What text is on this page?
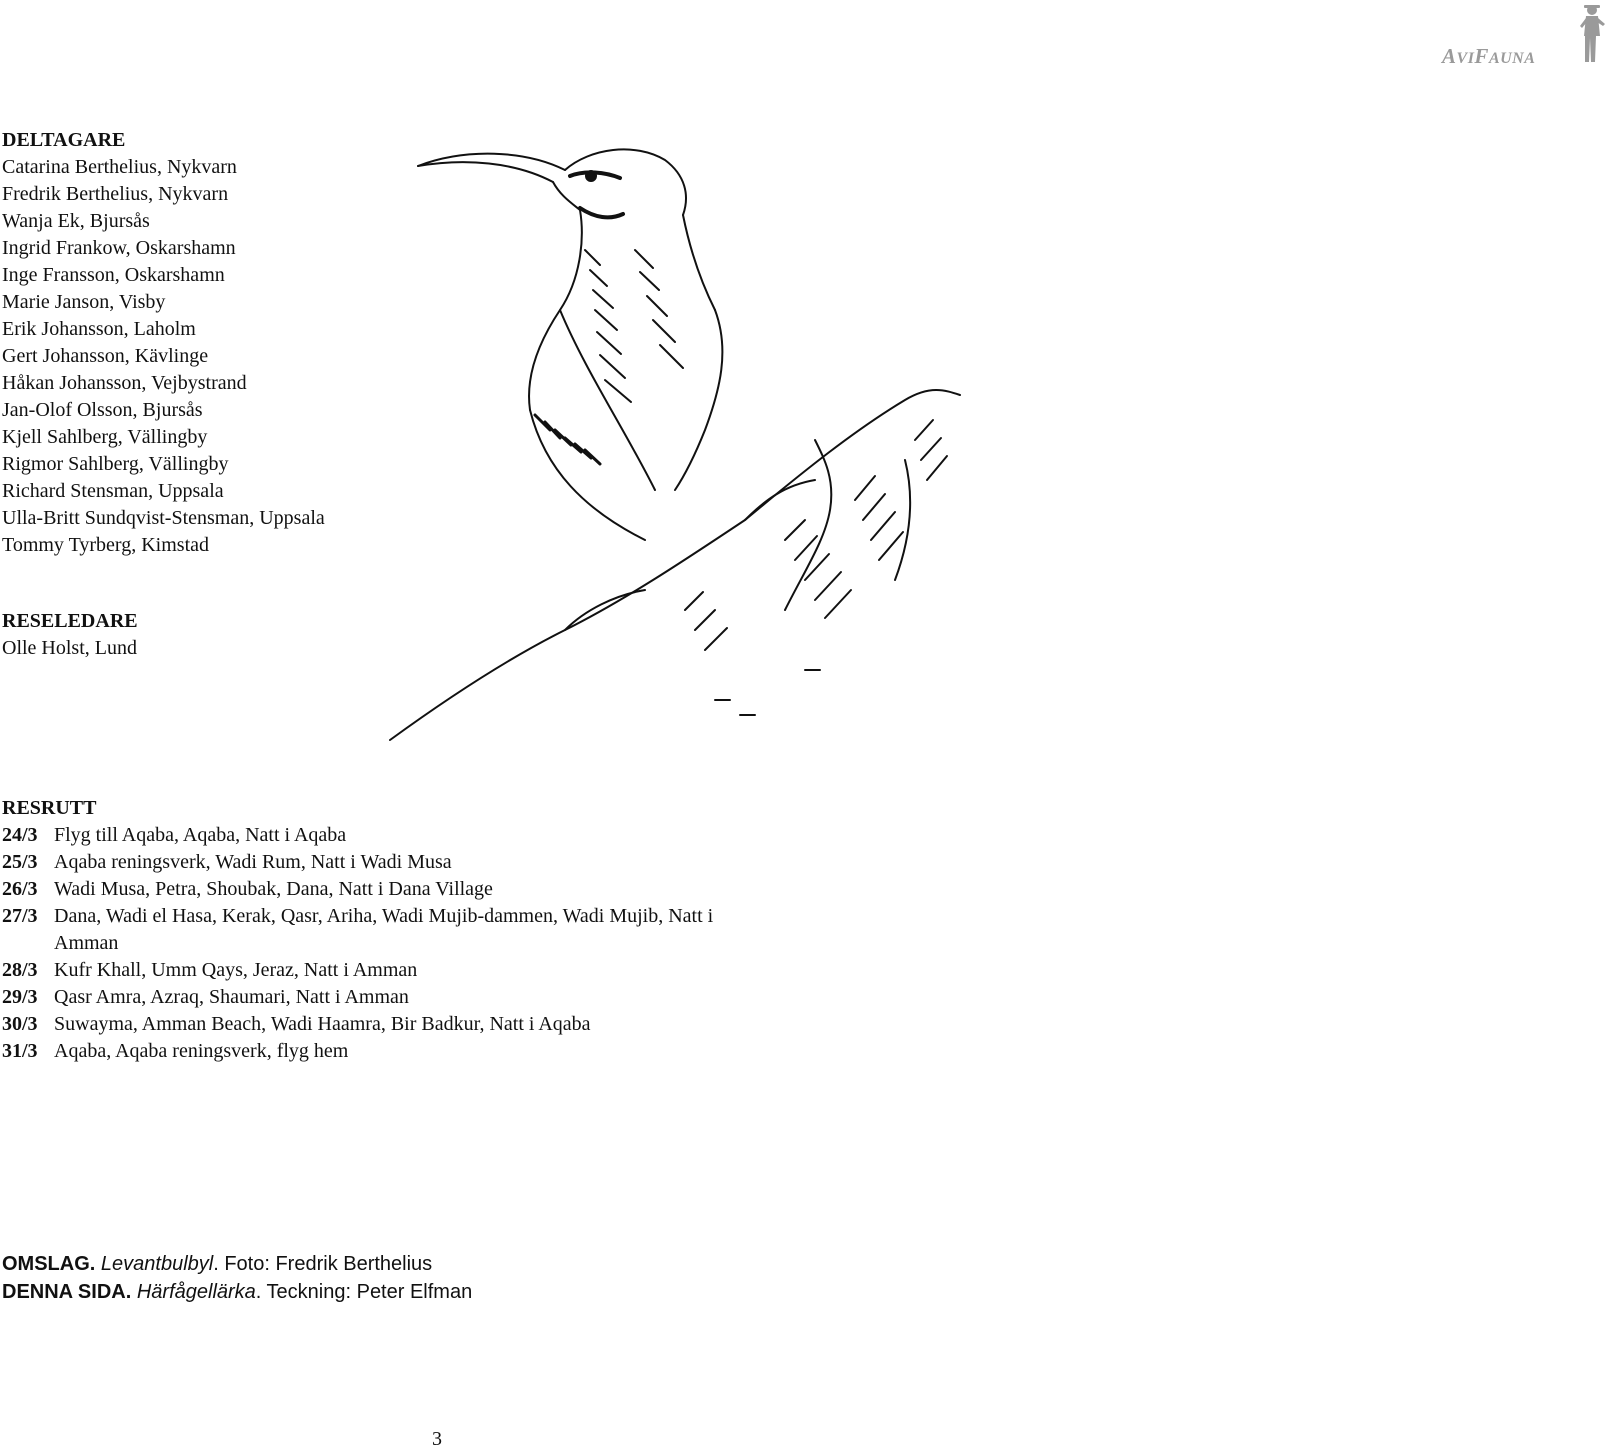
AVIFAUNA
DELTAGARE
Catarina Berthelius, Nykvarn
Fredrik Berthelius, Nykvarn
Wanja Ek, Bjursås
Ingrid Frankow, Oskarshamn
Inge Fransson, Oskarshamn
Marie Janson, Visby
Erik Johansson, Laholm
Gert Johansson, Kävlinge
Håkan Johansson, Vejbystrand
Jan-Olof Olsson, Bjursås
Kjell Sahlberg, Vällingby
Rigmor Sahlberg, Vällingby
Richard Stensman, Uppsala
Ulla-Britt Sundqvist-Stensman, Uppsala
Tommy Tyrberg, Kimstad
RESELEDARE
Olle Holst, Lund
RESRUTT
24/3 Flyg till Aqaba, Aqaba, Natt i Aqaba
25/3 Aqaba reningsverk, Wadi Rum, Natt i Wadi Musa
26/3 Wadi Musa, Petra, Shoubak, Dana, Natt i Dana Village
27/3 Dana, Wadi el Hasa, Kerak, Qasr, Ariha, Wadi Mujib-dammen, Wadi Mujib, Natt i
Amman
28/3 Kufr Khall, Umm Qays, Jeraz, Natt i Amman
29/3 Qasr Amra, Azraq, Shaumari, Natt i Amman
30/3 Suwayma, Amman Beach, Wadi Haamra, Bir Badkur, Natt i Aqaba
31/3 Aqaba, Aqaba reningsverk, flyg hem
OMSLAG. Levantbulbyl. Foto: Fredrik Berthelius
DENNA SIDA. Härfågellärka. Teckning: Peter Elfman
3
